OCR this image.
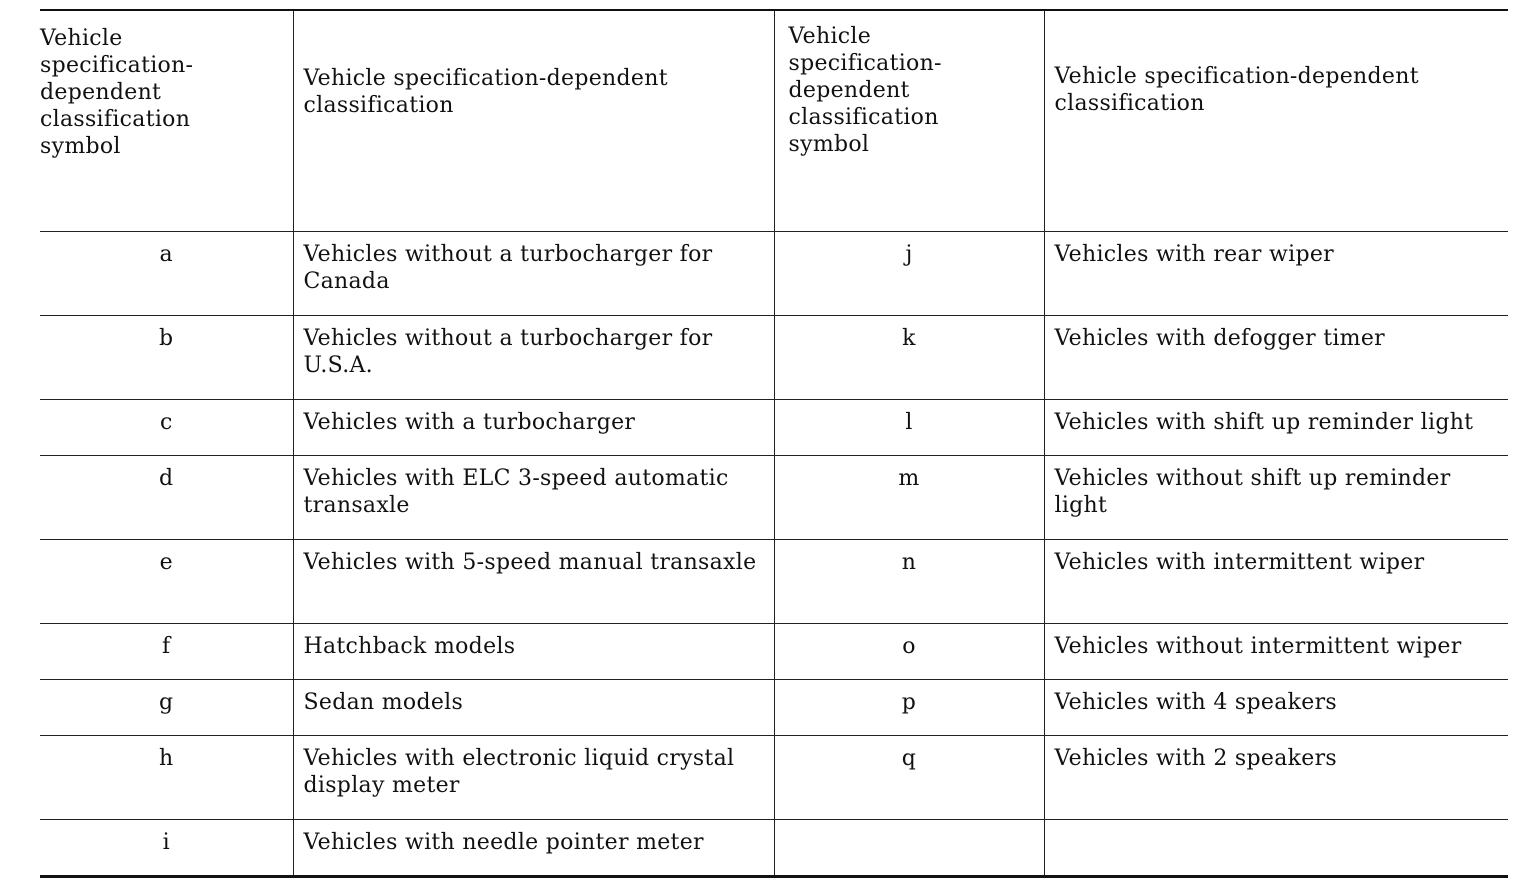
Vehicle specification-dependent classification symbol	Vehicle specification-dependent classification	Vehicle specification-dependent classification symbol	Vehicle specification-dependent classification
a	Vehicles without a turbocharger for Canada	j	Vehicles with rear wiper
b	Vehicles without a turbocharger for U.S.A.	k	Vehicles with defogger timer
c	Vehicles with a turbocharger	l	Vehicles with shift up reminder light
d	Vehicles with ELC 3-speed automatic transaxle	m	Vehicles without shift up reminder light
e	Vehicles with 5-speed manual transaxle	n	Vehicles with intermittent wiper
f	Hatchback models	o	Vehicles without intermittent wiper
g	Sedan models	p	Vehicles with 4 speakers
h	Vehicles with electronic liquid crystal display meter	q	Vehicles with 2 speakers
i	Vehicles with needle pointer meter		
